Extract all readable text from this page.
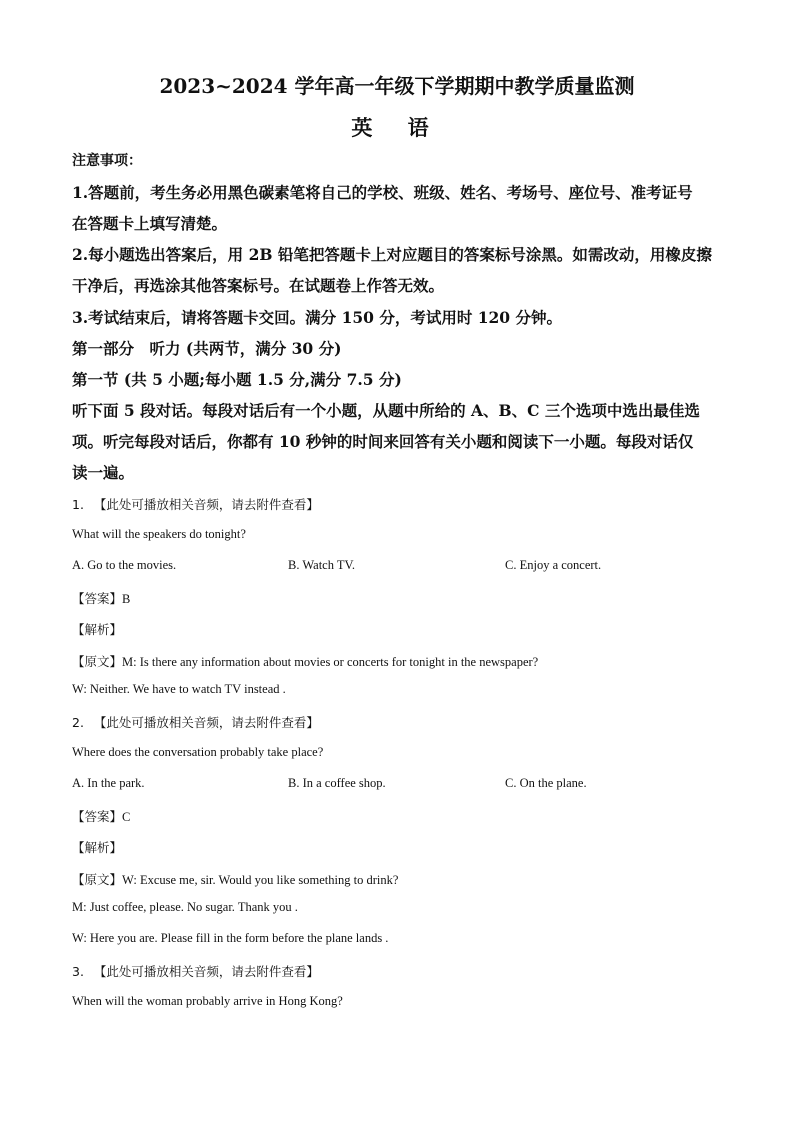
2023~2024 学年高一年级下学期期中教学质量监测
英 语
注意事项：
1.答题前，考生务必用黑色碳素笔将自己的学校、班级、姓名、考场号、座位号、准考证号
在答题卡上填写清楚。
2.每小题选出答案后，用 2B 铅笔把答题卡上对应题目的答案标号涂黑。如需改动，用橡皮擦
干净后，再选涂其他答案标号。在试题卷上作答无效。
3.考试结束后，请将答题卡交回。满分 150 分，考试用时 120 分钟。
第一部分　听力 (共两节，满分 30 分)
第一节 (共 5 小题;每小题 1.5 分,满分 7.5 分)
听下面 5 段对话。每段对话后有一个小题，从题中所给的 A、B、C 三个选项中选出最佳选
项。听完每段对话后，你都有 10 秒钟的时间来回答有关小题和阅读下一小题。每段对话仅
读一遍。
1. 【此处可播放相关音频，请去附件查看】
What will the speakers do tonight?
A. Go to the movies.	B. Watch TV.	C. Enjoy a concert.
【答案】B
【解析】
【原文】M: Is there any information about movies or concerts for tonight in the newspaper?
W: Neither. We have to watch TV instead .
2. 【此处可播放相关音频，请去附件查看】
Where does the conversation probably take place?
A. In the park.	B. In a coffee shop.	C. On the plane.
【答案】C
【解析】
【原文】W: Excuse me, sir. Would you like something to drink?
M: Just coffee, please. No sugar. Thank you .
W: Here you are. Please fill in the form before the plane lands .
3. 【此处可播放相关音频，请去附件查看】
When will the woman probably arrive in Hong Kong?
